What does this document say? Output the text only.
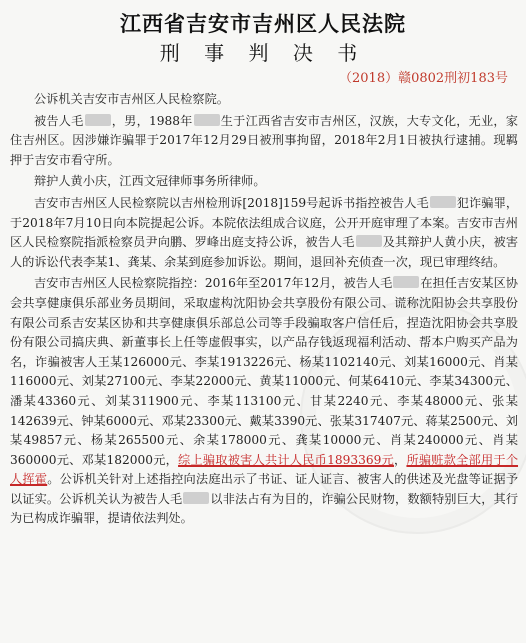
江西省吉安市吉州区人民法院
刑 事 判 决 书
（2018）赣0802刑初183号

公诉机关吉安市吉州区人民检察院。

被告人毛 ，男，1988年 生于江西省吉安市吉州区，汉族，大专文化，无业，家住吉州区。因涉嫌诈骗罪于2017年12月29日被刑事拘留，2018年2月1日被执行逮捕。现羁押于吉安市看守所。

辩护人黄小庆，江西文冠律师事务所律师。

吉安市吉州区人民检察院以吉州检刑诉[2018]159号起诉书指控被告人毛 犯诈骗罪，于2018年7月10日向本院提起公诉。本院依法组成合议庭，公开开庭审理了本案。吉安市吉州区人民检察院指派检察员尹向鹏、罗峰出庭支持公诉，被告人毛 及其辩护人黄小庆，被害人的诉讼代表李某1、龚某、余某到庭参加诉讼。期间，退回补充侦查一次，现已审理终结。

吉安市吉州区人民检察院指控：2016年至2017年12月，被告人毛 在担任吉安某区协会共享健康俱乐部业务员期间，采取虚构沈阳协会共享股份有限公司、谎称沈阳协会共享股份有限公司系吉安某区协和共享健康俱乐部总公司等手段骗取客户信任后，捏造沈阳协会共享股份有限公司搞庆典、新董事长上任等虚假事实，以产品存钱返现福利活动、帮本户购买产品为名，诈骗被害人王某126000元、李某1913226元、杨某1102140元、刘某16000元、肖某116000元、刘某27100元、李某22000元、黄某11000元、何某6410元、李某34300元、潘某43360元、刘某311900元、李某113100元、甘某2240元、李某48000元、张某142639元、钟某6000元、邓某23300元、戴某3390元、张某317407元、蒋某2500元、刘某49857元、杨某265500元、余某178000元、龚某10000元、肖某240000元、肖某360000元、邓某182000元，综上骗取被害人共计人民币1893369元，所骗赃款全部用于个人挥霍。公诉机关针对上述指控向法庭出示了书证、证人证言、被害人的供述及光盘等证据予以证实。公诉机关认为被告人毛 以非法占有为目的，诈骗公民财物，数额特别巨大，其行为已构成诈骗罪，提请依法判处。
